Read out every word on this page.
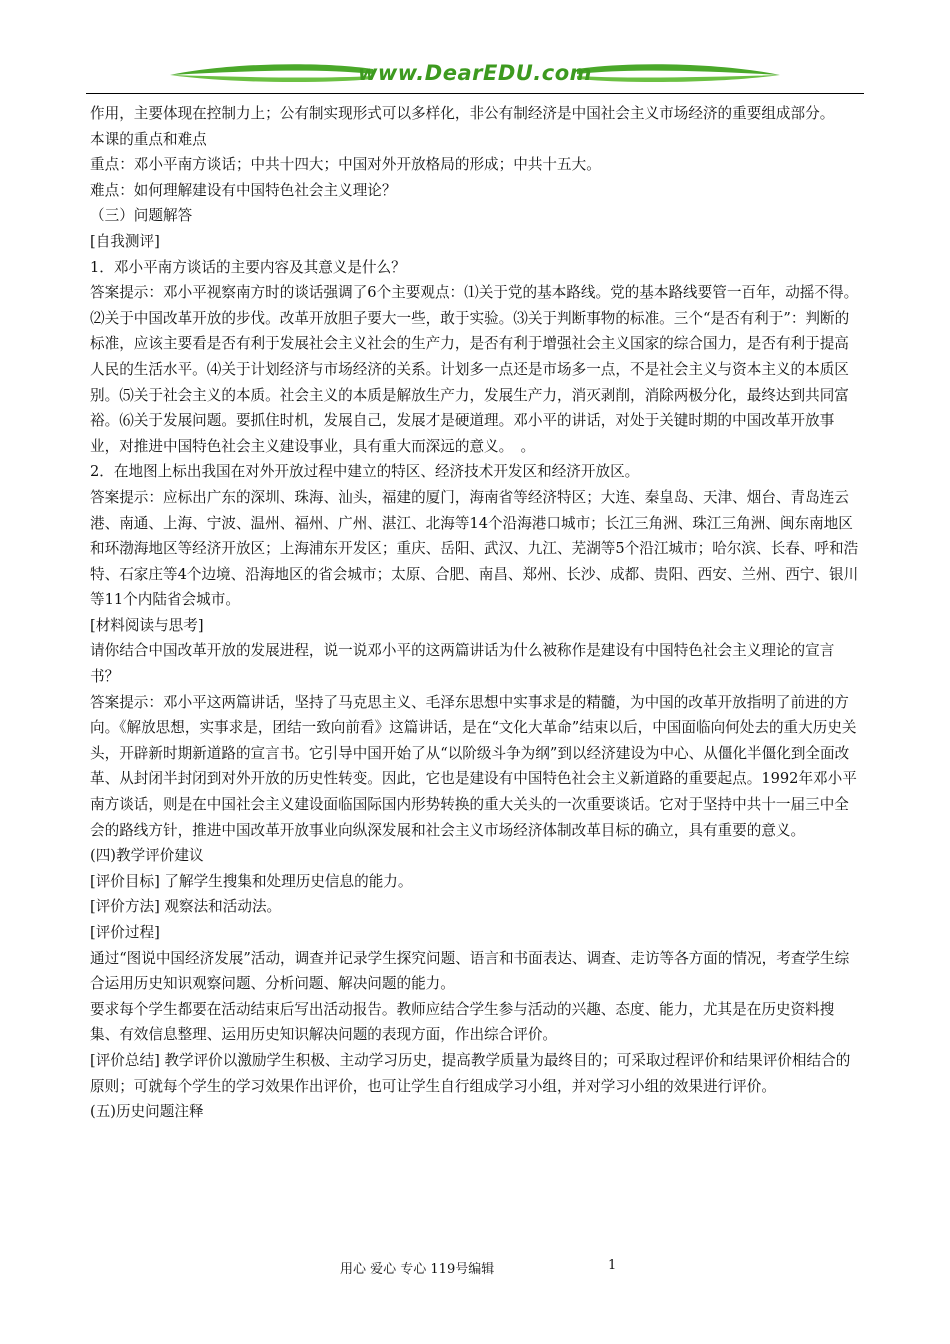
www.DearEDU.com

作用，主要体现在控制力上；公有制实现形式可以多样化，非公有制经济是中国社会主义市场经济的重要组成部分。

本课的重点和难点

重点：邓小平南方谈话；中共十四大；中国对外开放格局的形成；中共十五大。

难点：如何理解建设有中国特色社会主义理论？

（三）问题解答

[自我测评]

1．邓小平南方谈话的主要内容及其意义是什么？

答案提示：邓小平视察南方时的谈话强调了6个主要观点：⑴关于党的基本路线。党的基本路线要管一百年，动摇不得。⑵关于中国改革开放的步伐。改革开放胆子要大一些，敢于实验。⑶关于判断事物的标准。三个“是否有利于”：判断的标准，应该主要看是否有利于发展社会主义社会的生产力，是否有利于增强社会主义国家的综合国力，是否有利于提高人民的生活水平。⑷关于计划经济与市场经济的关系。计划多一点还是市场多一点，不是社会主义与资本主义的本质区别。⑸关于社会主义的本质。社会主义的本质是解放生产力，发展生产力，消灭剥削，消除两极分化，最终达到共同富裕。⑹关于发展问题。要抓住时机，发展自己，发展才是硬道理。邓小平的讲话，对处于关键时期的中国改革开放事业，对推进中国特色社会主义建设事业，具有重大而深远的意义。　。

2．在地图上标出我国在对外开放过程中建立的特区、经济技术开发区和经济开放区。

答案提示：应标出广东的深圳、珠海、汕头，福建的厦门，海南省等经济特区；大连、秦皇岛、天津、烟台、青岛连云港、南通、上海、宁波、温州、福州、广州、湛江、北海等14个沿海港口城市；长江三角洲、珠江三角洲、闽东南地区和环渤海地区等经济开放区；上海浦东开发区；重庆、岳阳、武汉、九江、芜湖等5个沿江城市；哈尔滨、长春、呼和浩特、石家庄等4个边境、沿海地区的省会城市；太原、合肥、南昌、郑州、长沙、成都、贵阳、西安、兰州、西宁、银川等11个内陆省会城市。

[材料阅读与思考]

请你结合中国改革开放的发展进程，说一说邓小平的这两篇讲话为什么被称作是建设有中国特色社会主义理论的宣言书？

答案提示：邓小平这两篇讲话，坚持了马克思主义、毛泽东思想中实事求是的精髓，为中国的改革开放指明了前进的方向。《解放思想，实事求是，团结一致向前看》这篇讲话，是在“文化大革命”结束以后，中国面临向何处去的重大历史关头，开辟新时期新道路的宣言书。它引导中国开始了从“以阶级斗争为纲”到以经济建设为中心、从僵化半僵化到全面改革、从封闭半封闭到对外开放的历史性转变。因此，它也是建设有中国特色社会主义新道路的重要起点。1992年邓小平南方谈话，则是在中国社会主义建设面临国际国内形势转换的重大关头的一次重要谈话。它对于坚持中共十一届三中全会的路线方针，推进中国改革开放事业向纵深发展和社会主义市场经济体制改革目标的确立，具有重要的意义。

(四)教学评价建议

[评价目标] 了解学生搜集和处理历史信息的能力。

[评价方法] 观察法和活动法。

[评价过程]

通过“图说中国经济发展”活动，调查并记录学生探究问题、语言和书面表达、调查、走访等各方面的情况，考查学生综合运用历史知识观察问题、分析问题、解决问题的能力。

要求每个学生都要在活动结束后写出活动报告。教师应结合学生参与活动的兴趣、态度、能力，尤其是在历史资料搜集、有效信息整理、运用历史知识解决问题的表现方面，作出综合评价。

[评价总结] 教学评价以激励学生积极、主动学习历史，提高教学质量为最终目的；可采取过程评价和结果评价相结合的原则；可就每个学生的学习效果作出评价，也可让学生自行组成学习小组，并对学习小组的效果进行评价。

(五)历史问题注释

用心 爱心 专心 119号编辑	1
